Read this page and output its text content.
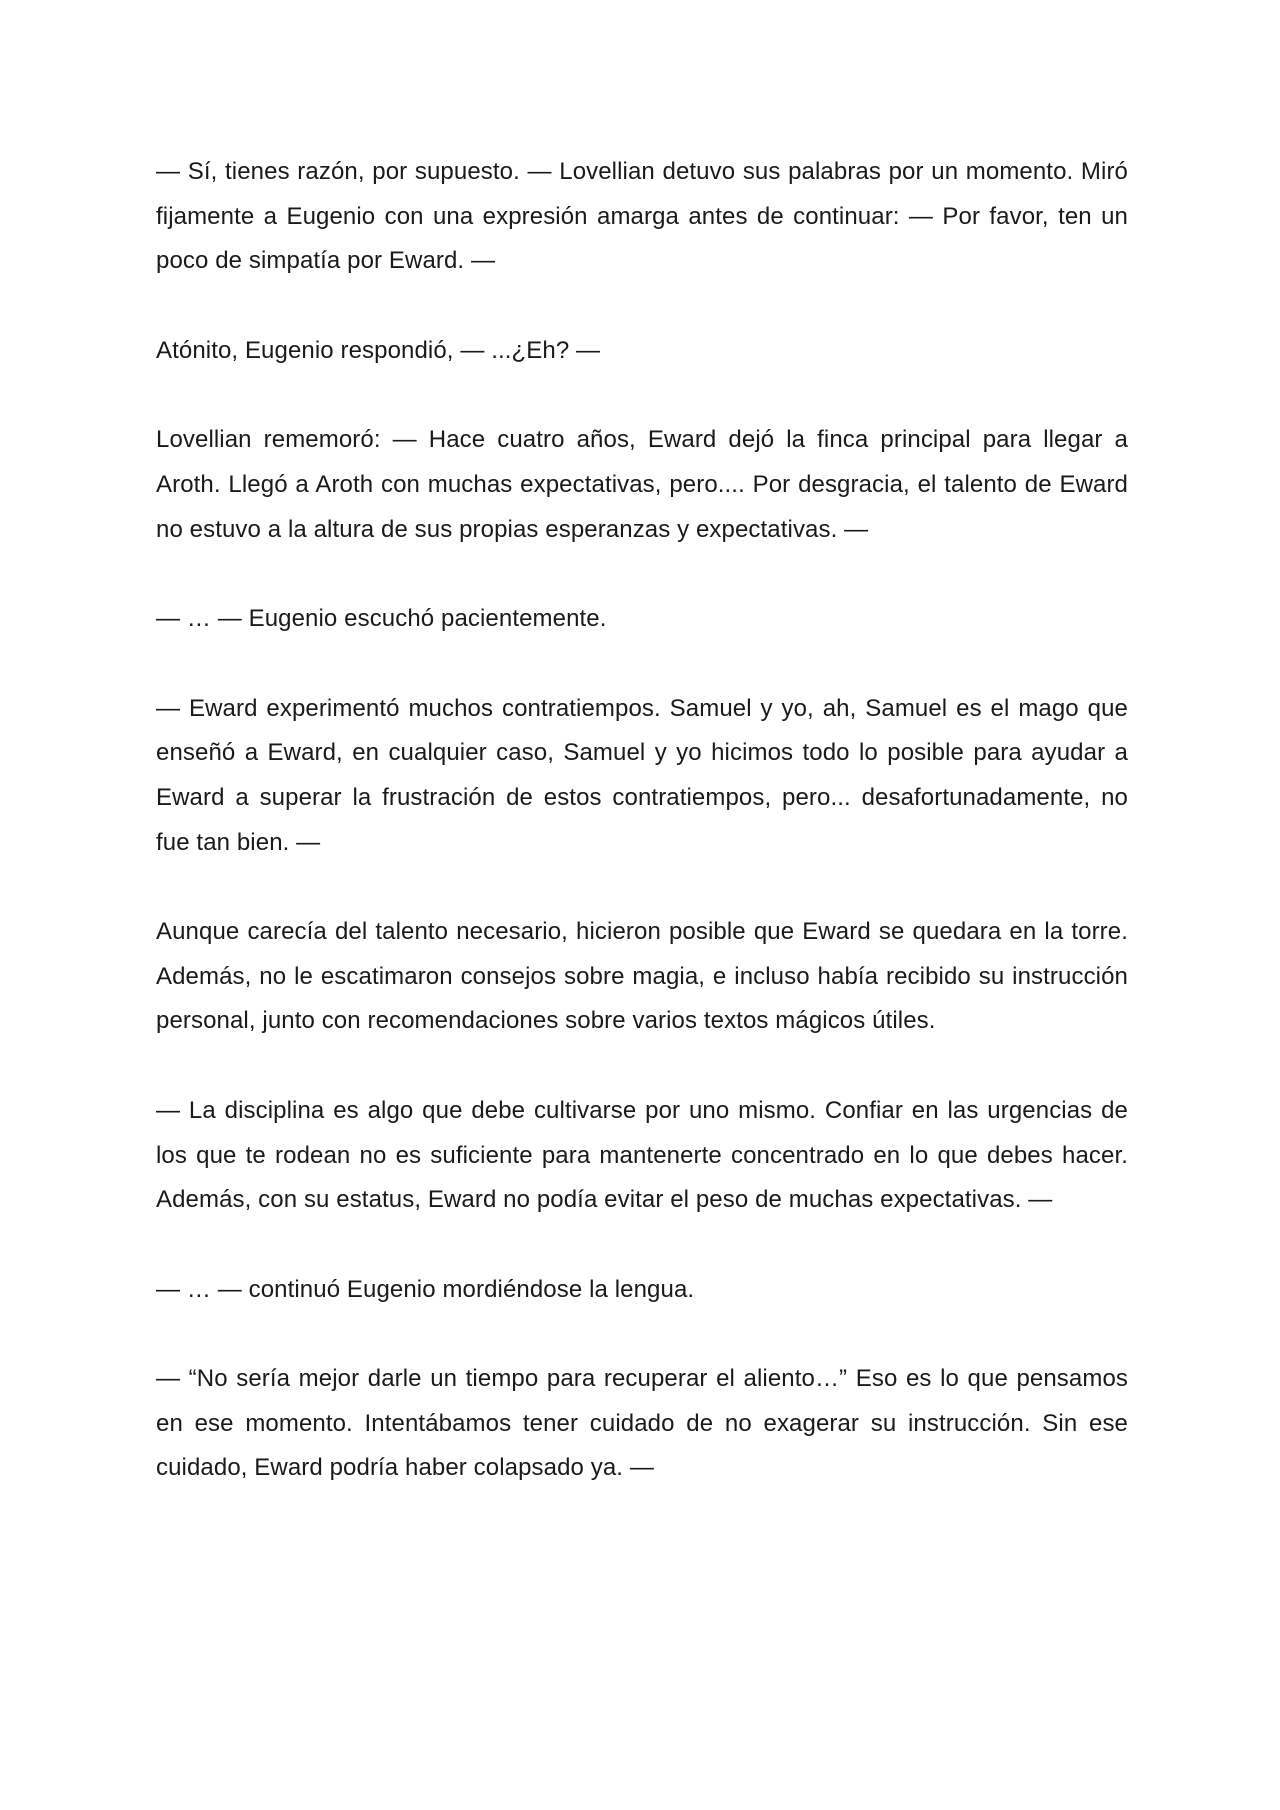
— Sí, tienes razón, por supuesto. — Lovellian detuvo sus palabras por un momento. Miró fijamente a Eugenio con una expresión amarga antes de continuar: — Por favor, ten un poco de simpatía por Eward. —

Atónito, Eugenio respondió, — ...¿Eh? —

Lovellian rememoró: — Hace cuatro años, Eward dejó la finca principal para llegar a Aroth. Llegó a Aroth con muchas expectativas, pero.... Por desgracia, el talento de Eward no estuvo a la altura de sus propias esperanzas y expectativas. —

— … — Eugenio escuchó pacientemente.

— Eward experimentó muchos contratiempos. Samuel y yo, ah, Samuel es el mago que enseñó a Eward, en cualquier caso, Samuel y yo hicimos todo lo posible para ayudar a Eward a superar la frustración de estos contratiempos, pero... desafortunadamente, no fue tan bien. —

Aunque carecía del talento necesario, hicieron posible que Eward se quedara en la torre. Además, no le escatimaron consejos sobre magia, e incluso había recibido su instrucción personal, junto con recomendaciones sobre varios textos mágicos útiles.

— La disciplina es algo que debe cultivarse por uno mismo. Confiar en las urgencias de los que te rodean no es suficiente para mantenerte concentrado en lo que debes hacer. Además, con su estatus, Eward no podía evitar el peso de muchas expectativas. —

— … — continuó Eugenio mordiéndose la lengua.

— “No sería mejor darle un tiempo para recuperar el aliento…” Eso es lo que pensamos en ese momento. Intentábamos tener cuidado de no exagerar su instrucción. Sin ese cuidado, Eward podría haber colapsado ya. —
